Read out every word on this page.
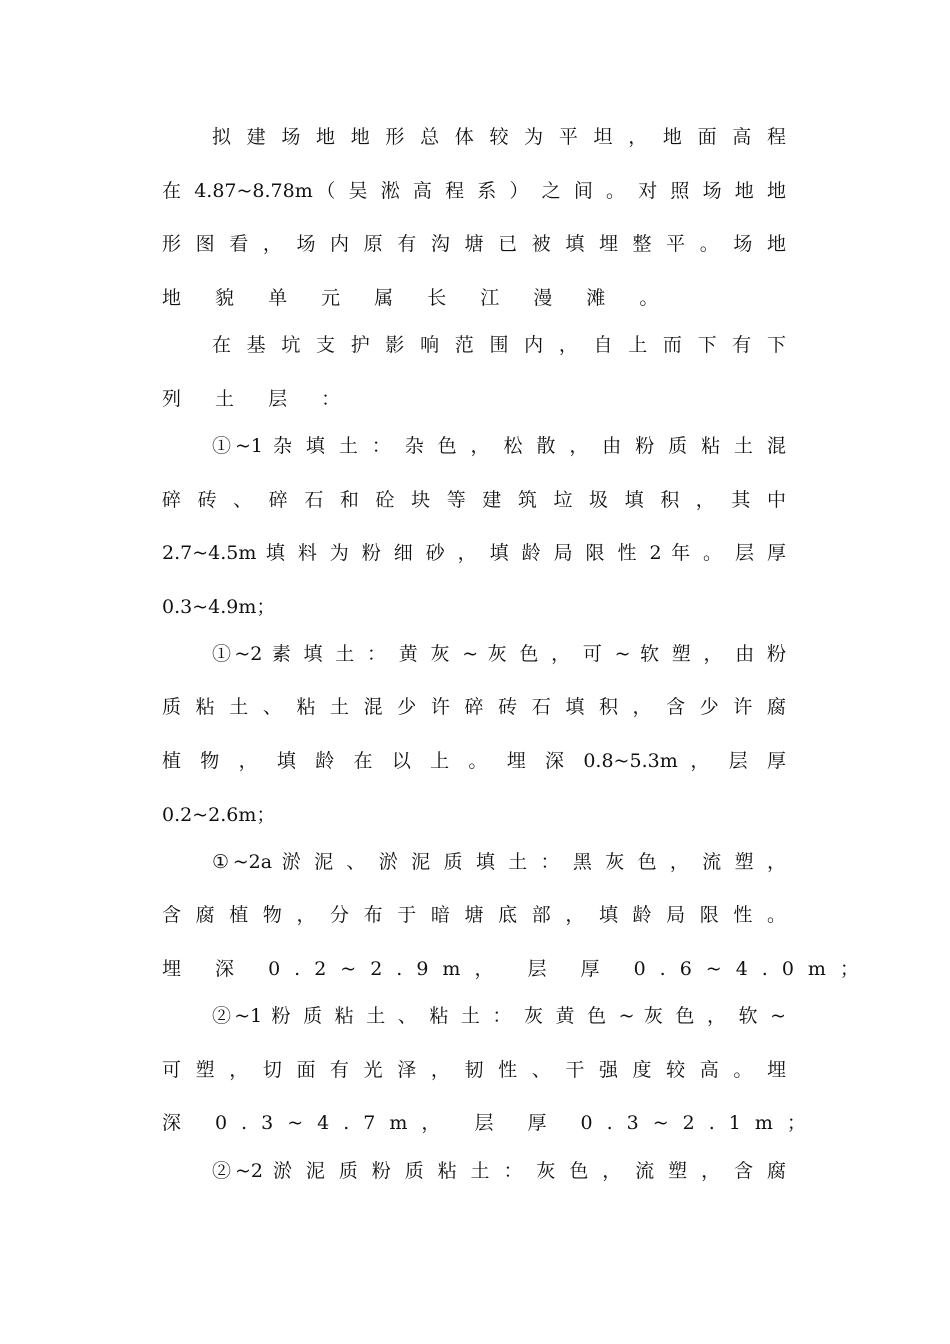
拟 建 场 地 地 形 总 体 较 为 平 坦 ， 地 面 高 程
在 4.87~8.78m（ 吴 淞 高 程 系 ） 之 间 。 对 照 场 地 地
形 图 看 ， 场 内 原 有 沟 塘 已 被 填 埋 整 平 。 场 地
地 貌 单 元 属 长 江 漫 滩 。
在 基 坑 支 护 影 响 范 围 内 ， 自 上 而 下 有 下
列 土 层 ：
①~1 杂 填 土 ： 杂 色 ， 松 散 ， 由 粉 质 粘 土 混
碎 砖 、 碎 石 和 砼 块 等 建 筑 垃 圾 填 积 ， 其 中
2.7~4.5m 填 料 为 粉 细 砂 ， 填 龄 局 限 性 2 年 。 层 厚
0.3~4.9m；
①~2 素 填 土 ： 黄 灰 ~ 灰 色 ， 可 ~ 软 塑 ， 由 粉
质 粘 土 、 粘 土 混 少 许 碎 砖 石 填 积 ， 含 少 许 腐
植 物 ， 填 龄 在 以 上 。 埋 深 0.8~5.3m ， 层 厚
0.2~2.6m；
①~2a 淤 泥 、 淤 泥 质 填 土 ： 黑 灰 色 ， 流 塑 ，
含 腐 植 物 ， 分 布 于 暗 塘 底 部 ， 填 龄 局 限 性 。
埋 深 0.2~2.9m， 层 厚 0.6~4.0m；
②~1 粉 质 粘 土 、 粘 土 ： 灰 黄 色 ~ 灰 色 ， 软 ~
可 塑 ， 切 面 有 光 泽 ， 韧 性 、 干 强 度 较 高 。 埋
深 0.3~4.7m， 层 厚 0.3~2.1m；
②~2 淤 泥 质 粉 质 粘 土 ： 灰 色 ， 流 塑 ， 含 腐
